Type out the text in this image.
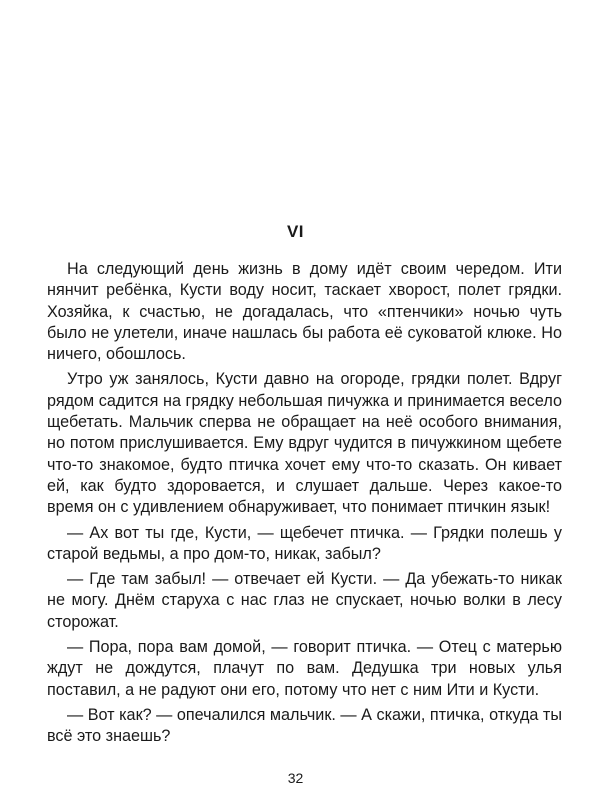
VI

На следующий день жизнь в дому идёт своим чередом. Ити нянчит ребёнка, Кусти воду носит, таскает хворост, полет грядки. Хозяйка, к счастью, не догадалась, что «птенчики» ночью чуть было не улетели, иначе нашлась бы работа её суковатой клюке. Но ничего, обошлось.

Утро уж занялось, Кусти давно на огороде, грядки полет. Вдруг рядом садится на грядку небольшая пичужка и принимается весело щебетать. Мальчик сперва не обращает на неё особого внимания, но потом прислушивается. Ему вдруг чудится в пичужкином щебете что-то знакомое, будто птичка хочет ему что-то сказать. Он кивает ей, как будто здоровается, и слушает дальше. Через какое-то время он с удивлением обнаруживает, что понимает птичкин язык!

— Ах вот ты где, Кусти, — щебечет птичка. — Грядки полешь у старой ведьмы, а про дом-то, никак, забыл?

— Где там забыл! — отвечает ей Кусти. — Да убежать-то никак не могу. Днём старуха с нас глаз не спускает, ночью волки в лесу сторожат.

— Пора, пора вам домой, — говорит птичка. — Отец с матерью ждут не дождутся, плачут по вам. Дедушка три новых улья поставил, а не радуют они его, потому что нет с ним Ити и Кусти.

— Вот как? — опечалился мальчик. — А скажи, птичка, откуда ты всё это знаешь?

32
